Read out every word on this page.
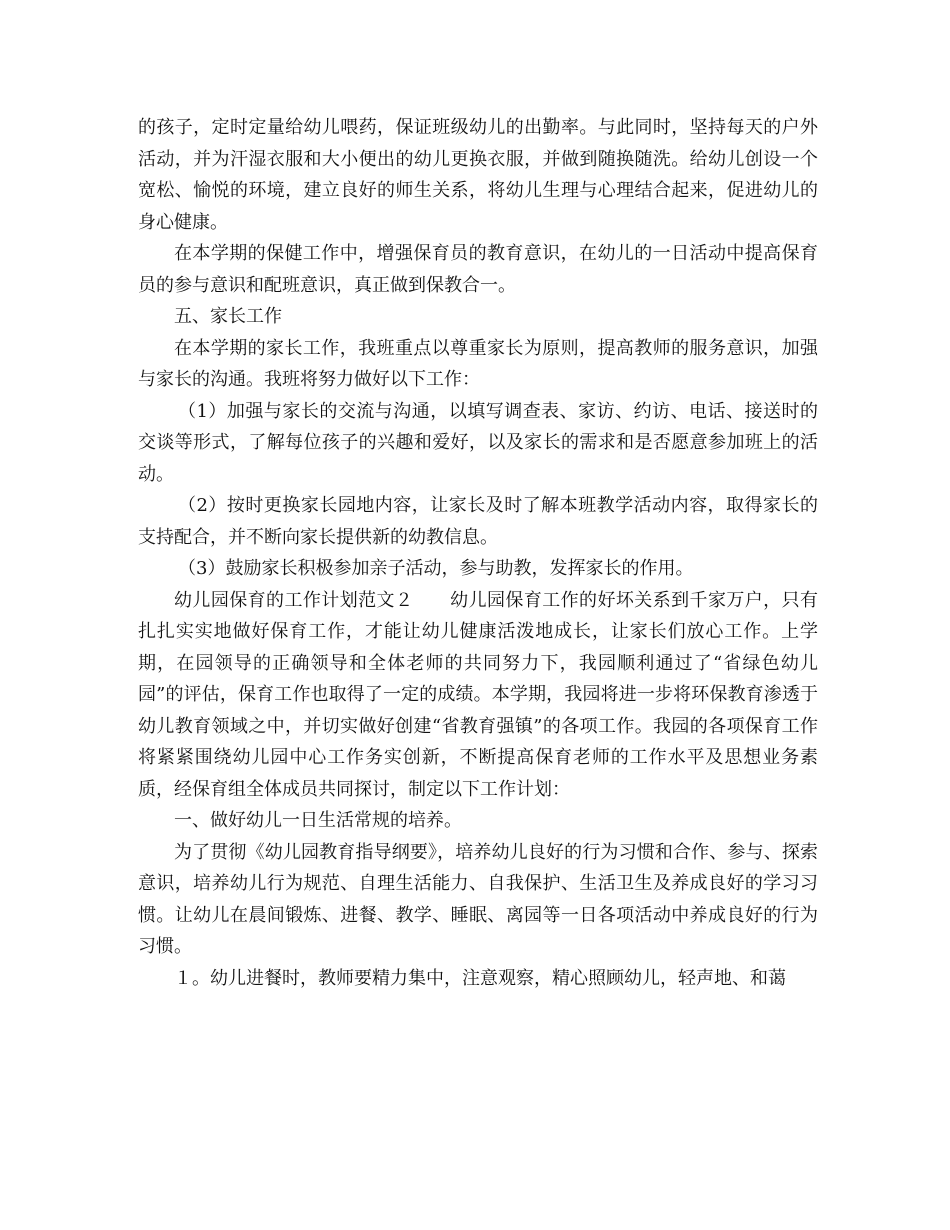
的孩子，定时定量给幼儿喂药，保证班级幼儿的出勤率。与此同时，坚持每天的户外活动，并为汗湿衣服和大小便出的幼儿更换衣服，并做到随换随洗。给幼儿创设一个宽松、愉悦的环境，建立良好的师生关系，将幼儿生理与心理结合起来，促进幼儿的身心健康。

在本学期的保健工作中，增强保育员的教育意识，在幼儿的一日活动中提高保育员的参与意识和配班意识，真正做到保教合一。

五、家长工作

在本学期的家长工作，我班重点以尊重家长为原则，提高教师的服务意识，加强与家长的沟通。我班将努力做好以下工作：

（1）加强与家长的交流与沟通，以填写调查表、家访、约访、电话、接送时的交谈等形式，了解每位孩子的兴趣和爱好，以及家长的需求和是否愿意参加班上的活动。

（2）按时更换家长园地内容，让家长及时了解本班教学活动内容，取得家长的支持配合，并不断向家长提供新的幼教信息。

（3）鼓励家长积极参加亲子活动，参与助教，发挥家长的作用。

幼儿园保育的工作计划范文２　　幼儿园保育工作的好坏关系到千家万户，只有扎扎实实地做好保育工作，才能让幼儿健康活泼地成长，让家长们放心工作。上学期，在园领导的正确领导和全体老师的共同努力下，我园顺利通过了“省绿色幼儿园”的评估，保育工作也取得了一定的成绩。本学期，我园将进一步将环保教育渗透于幼儿教育领域之中，并切实做好创建“省教育强镇”的各项工作。我园的各项保育工作将紧紧围绕幼儿园中心工作务实创新，不断提高保育老师的工作水平及思想业务素质，经保育组全体成员共同探讨，制定以下工作计划：

一、做好幼儿一日生活常规的培养。

为了贯彻《幼儿园教育指导纲要》，培养幼儿良好的行为习惯和合作、参与、探索意识，培养幼儿行为规范、自理生活能力、自我保护、生活卫生及养成良好的学习习惯。让幼儿在晨间锻炼、进餐、教学、睡眠、离园等一日各项活动中养成良好的行为习惯。

１。幼儿进餐时，教师要精力集中，注意观察，精心照顾幼儿，轻声地、和蔼
